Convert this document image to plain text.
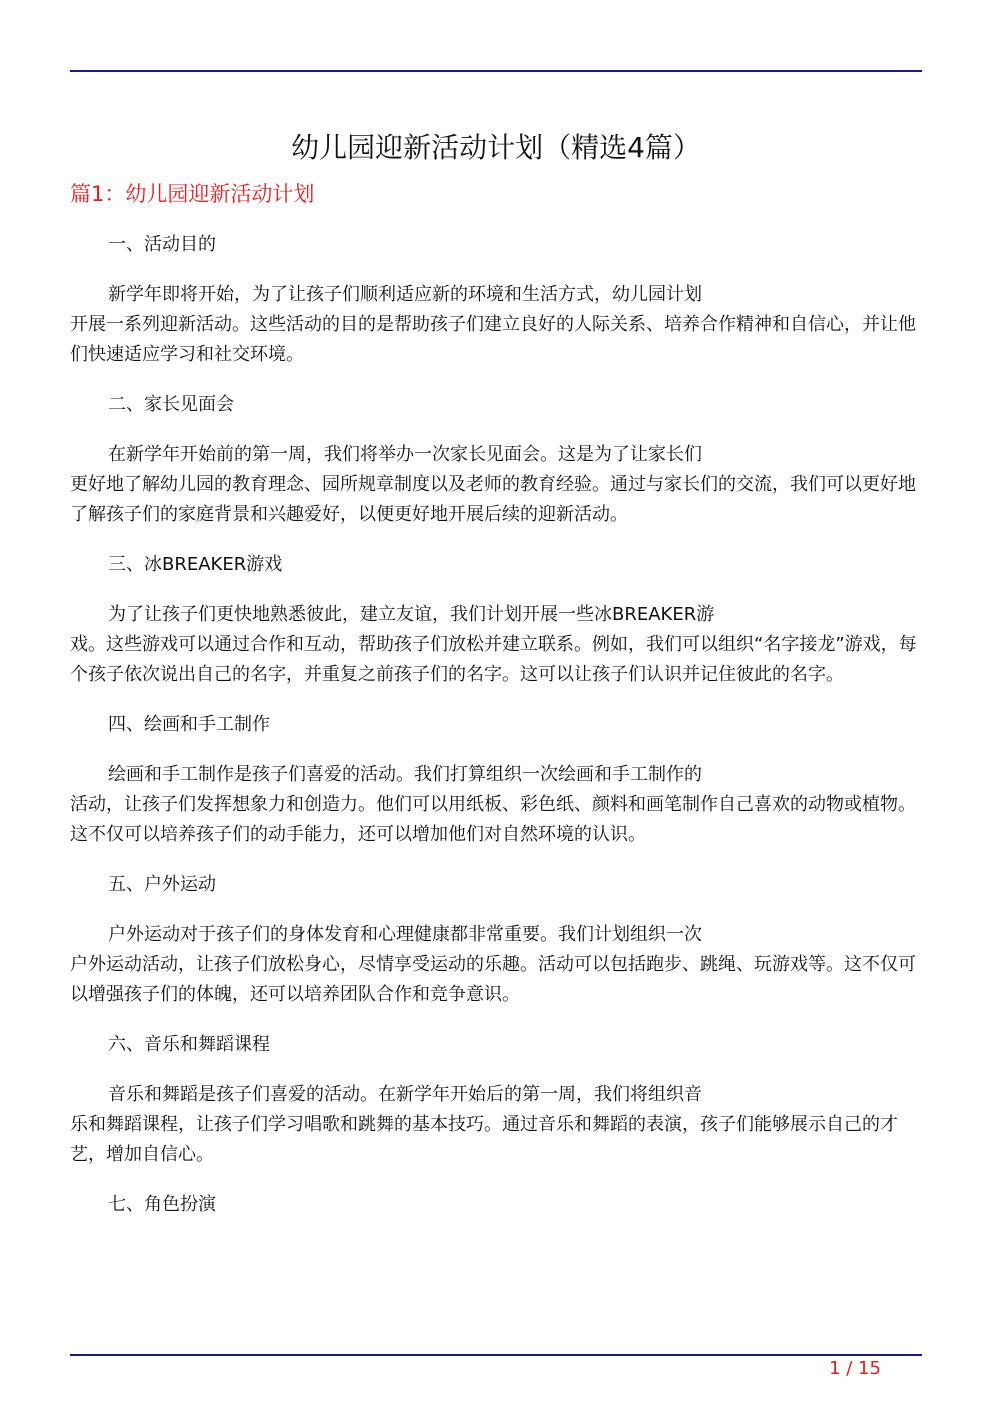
幼儿园迎新活动计划（精选4篇）
篇1：幼儿园迎新活动计划
一、活动目的
新学年即将开始，为了让孩子们顺利适应新的环境和生活方式，幼儿园计划
开展一系列迎新活动。这些活动的目的是帮助孩子们建立良好的人际关系、培养合作精神和自信心，并让他们快速适应学习和社交环境。
二、家长见面会
在新学年开始前的第一周，我们将举办一次家长见面会。这是为了让家长们
更好地了解幼儿园的教育理念、园所规章制度以及老师的教育经验。通过与家长们的交流，我们可以更好地了解孩子们的家庭背景和兴趣爱好，以便更好地开展后续的迎新活动。
三、冰BREAKER游戏
为了让孩子们更快地熟悉彼此，建立友谊，我们计划开展一些冰BREAKER游
戏。这些游戏可以通过合作和互动，帮助孩子们放松并建立联系。例如，我们可以组织“名字接龙”游戏，每个孩子依次说出自己的名字，并重复之前孩子们的名字。这可以让孩子们认识并记住彼此的名字。
四、绘画和手工制作
绘画和手工制作是孩子们喜爱的活动。我们打算组织一次绘画和手工制作的
活动，让孩子们发挥想象力和创造力。他们可以用纸板、彩色纸、颜料和画笔制作自己喜欢的动物或植物。这不仅可以培养孩子们的动手能力，还可以增加他们对自然环境的认识。
五、户外运动
户外运动对于孩子们的身体发育和心理健康都非常重要。我们计划组织一次
户外运动活动，让孩子们放松身心，尽情享受运动的乐趣。活动可以包括跑步、跳绳、玩游戏等。这不仅可以增强孩子们的体魄，还可以培养团队合作和竞争意识。
六、音乐和舞蹈课程
音乐和舞蹈是孩子们喜爱的活动。在新学年开始后的第一周，我们将组织音
乐和舞蹈课程，让孩子们学习唱歌和跳舞的基本技巧。通过音乐和舞蹈的表演，孩子们能够展示自己的才艺，增加自信心。
七、角色扮演
1 / 15
